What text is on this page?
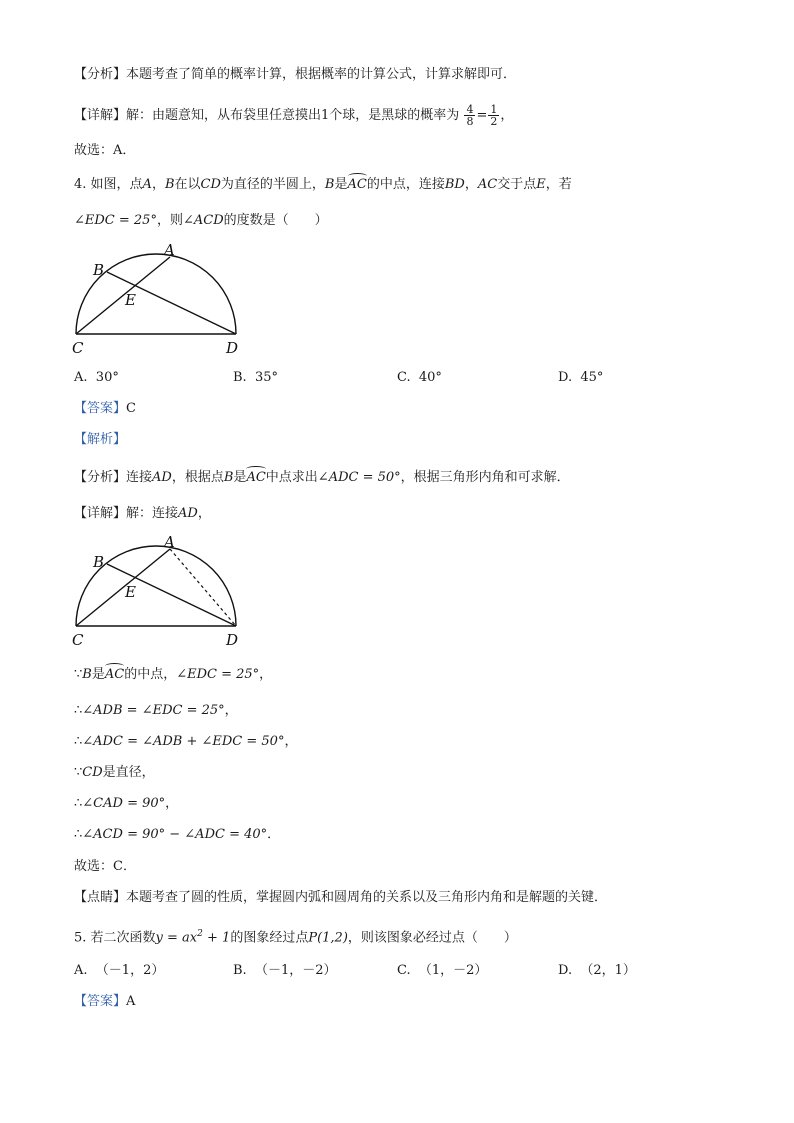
【分析】本题考查了简单的概率计算，根据概率的计算公式，计算求解即可．
【详解】解：由题意知，从布袋里任意摸出1个球，是黑球的概率为 $\frac{4}{8} = \frac{1}{2}$ ，
故选：A．
4. 如图，点A，B在以CD为直径的半圆上，B是AC的中点，连接BD，AC交于点E，若
∠EDC = 25°，则∠ACD的度数是（　　）
A
B
E
C	D
A. 30°	B. 35°	C. 40°	D. 45°
【答案】C
【解析】
【分析】连接AD，根据点B是AC中点求出∠ADC = 50°，根据三角形内角和可求解．
【详解】解：连接AD，
A
B
E
C	D
∵B是AC的中点，∠EDC = 25°，
∴∠ADB = ∠EDC = 25°，
∴∠ADC = ∠ADB + ∠EDC = 50°，
∵CD是直径，
∴∠CAD = 90°，
∴∠ACD = 90° − ∠ADC = 40°．
故选：C．
【点睛】本题考查了圆的性质，掌握圆内弧和圆周角的关系以及三角形内角和是解题的关键．
5. 若二次函数$y = ax^2 + 1$的图象经过点P(1,2)，则该图象必经过点（　　）
A. （－1，2）	B. （－1，－2）	C. （1，－2）	D. （2，1）
【答案】A
